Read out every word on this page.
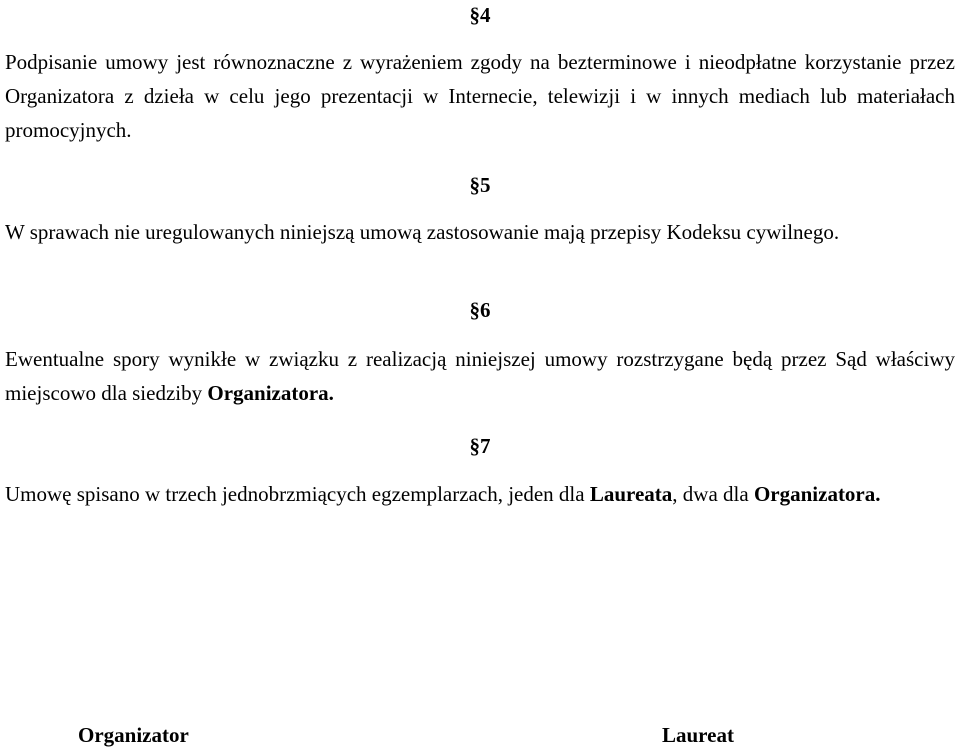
§4

Podpisanie umowy jest równoznaczne z wyrażeniem zgody na bezterminowe i nieodpłatne korzystanie przez Organizatora z dzieła w celu jego prezentacji w Internecie, telewizji i w innych mediach lub materiałach promocyjnych.

§5

W sprawach nie uregulowanych niniejszą umową zastosowanie mają przepisy Kodeksu cywilnego.

§6

Ewentualne spory wynikłe w związku z realizacją niniejszej umowy rozstrzygane będą przez Sąd właściwy miejscowo dla siedziby Organizatora.

§7

Umowę spisano w trzech jednobrzmiących egzemplarzach, jeden dla Laureata, dwa dla Organizatora.

Organizator	Laureat
